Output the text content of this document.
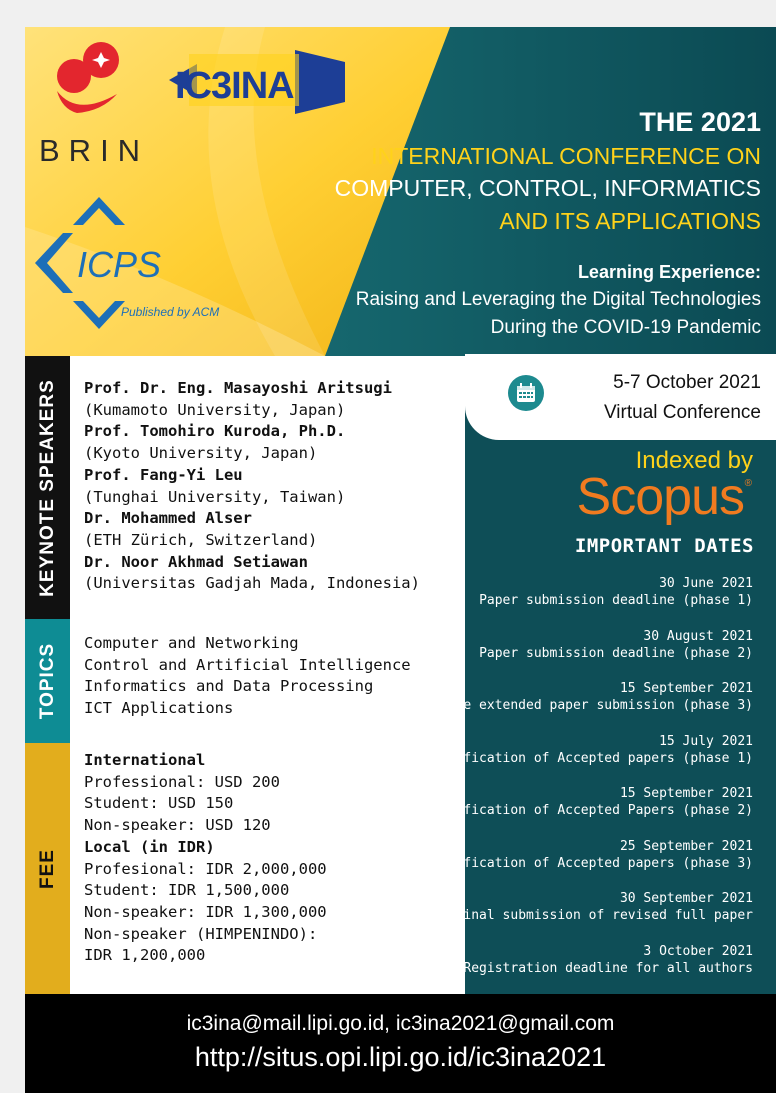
BRIN
IC3INA
ICPS
Published by ACM
THE 2021
INTERNATIONAL CONFERENCE ON
COMPUTER, CONTROL, INFORMATICS
AND ITS APPLICATIONS
Learning Experience:
Raising and Leveraging the Digital Technologies
During the COVID-19 Pandemic
KEYNOTE SPEAKERS
TOPICS
FEE
Prof. Dr. Eng. Masayoshi Aritsugi
(Kumamoto University, Japan)
Prof. Tomohiro Kuroda, Ph.D.
(Kyoto University, Japan)
Prof. Fang-Yi Leu
(Tunghai University, Taiwan)
Dr. Mohammed Alser
(ETH Zürich, Switzerland)
Dr. Noor Akhmad Setiawan
(Universitas Gadjah Mada, Indonesia)
Computer and Networking
Control and Artificial Intelligence
Informatics and Data Processing
ICT Applications
International
Professional: USD 200
Student: USD 150
Non-speaker: USD 120
Local (in IDR)
Profesional: IDR 2,000,000
Student: IDR 1,500,000
Non-speaker: IDR 1,300,000
Non-speaker (HIMPENINDO):
IDR 1,200,000
5-7 October 2021
Virtual Conference
Indexed by
Scopus ®
IMPORTANT DATES
30 June 2021
Paper submission deadline (phase 1)
30 August 2021
Paper submission deadline (phase 2)
15 September 2021
Gentle extended paper submission (phase 3)
15 July 2021
Notification of Accepted papers (phase 1)
15 September 2021
Notification of Accepted Papers (phase 2)
25 September 2021
Notification of Accepted papers (phase 3)
30 September 2021
Final submission of revised full paper
3 October 2021
Registration deadline for all authors
ic3ina@mail.lipi.go.id, ic3ina2021@gmail.com
http://situs.opi.lipi.go.id/ic3ina2021
